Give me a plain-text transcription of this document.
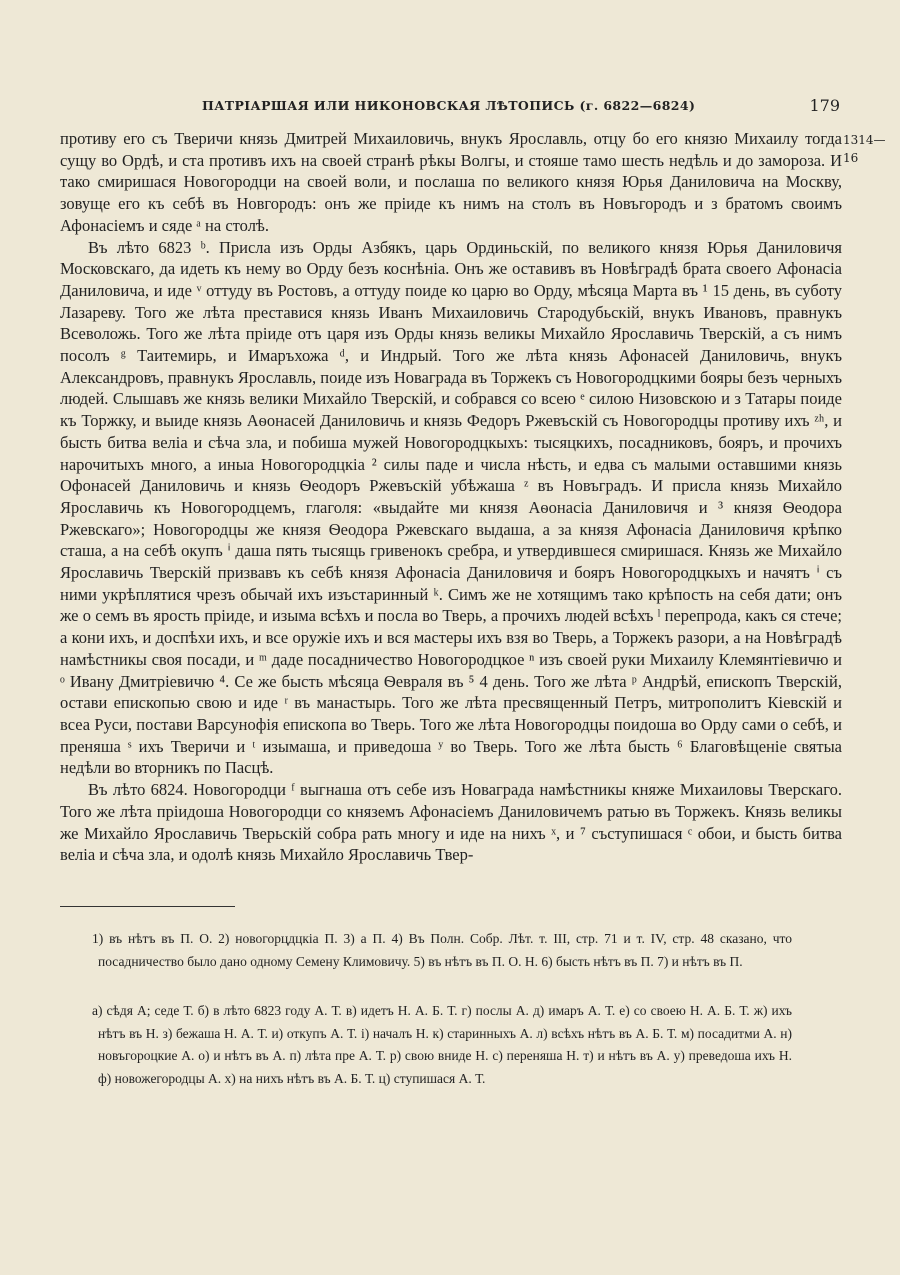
ПАТРІАРШАЯ ИЛИ НИКОНОВСКАЯ ЛѢТОПИСЬ (г. 6822—6824)	179
1314—16

противу его съ Тверичи князь Дмитрей Михаиловичь, внукъ Ярославль, отцу бо его князю Михаилу тогда сущу во Ордѣ, и ста противъ ихъ на своей странѣ рѣкы Волгы, и стояше тамо шесть недѣль и до замороза. И тако смиришася Новогородци на своей воли, и послаша по великого князя Юрья Даниловича на Москву, зовуще его къ себѣ въ Новгородъ: онъ же пріиде къ нимъ на столъ въ Новъгородъ и з братомъ своимъ Афонасіемъ и сяде ᵃ на столѣ.

Въ лѣто 6823 ᵇ. Присла изъ Орды Азбякъ, царь Ординьскій, по великого князя Юрья Даниловичя Московскаго, да идеть къ нему во Орду безъ коснѣніа. Онъ же оставивъ въ Новѣградѣ брата своего Афонасіа Даниловича, и иде ᵛ оттуду въ Ростовъ, а оттуду поиде ко царю во Орду, мѣсяца Марта въ ¹ 15 день, въ суботу Лазареву. Того же лѣта преставися князь Иванъ Михаиловичь Стародубьскій, внукъ Ивановъ, правнукъ Всеволожь. Того же лѣта пріиде отъ царя изъ Орды князь великы Михайло Ярославичь Тверскій, а съ нимъ посолъ ᵍ Таитемирь, и Имаръхожа ᵈ, и Индрый. Того же лѣта князь Афонасей Даниловичь, внукъ Александровъ, правнукъ Ярославль, поиде изъ Новаграда въ Торжекъ съ Новогородцкими бояры безъ черныхъ людей. Слышавъ же князь велики Михайло Тверскій, и собрався со всею ᵉ силою Низовскою и з Татары поиде къ Торжку, и выиде князь Аѳонасей Даниловичь и князь Федоръ Ржевъскій съ Новогородцы противу ихъ ᶻʰ, и бысть битва веліа и сѣча зла, и побиша мужей Новогородцкыхъ: тысяцкихъ, посадниковъ, бояръ, и прочихъ нарочитыхъ много, а иныа Новогородцкіа ² силы паде и числа нѣсть, и едва съ малыми оставшими князь Офонасей Даниловичь и князь Ѳеодоръ Ржевъскій убѣжаша ᶻ въ Новъградъ. И присла князь Михайло Ярославичь къ Новогородцемъ, глаголя: «выдайте ми князя Аѳонасіа Даниловичя и ³ князя Ѳеодора Ржевскаго»; Новогородцы же князя Ѳеодора Ржевскаго выдаша, а за князя Афонасіа Даниловичя крѣпко сташа, а на себѣ окупъ ⁱ даша пять тысящь гривенокъ сребра, и утвердившеся смиришася. Князь же Михайло Ярославичь Тверскій призвавъ къ себѣ князя Афонасіа Даниловичя и бояръ Новогородцкыхъ и начятъ ⁱ съ ними укрѣплятися чрезъ обычай ихъ изъстаринный ᵏ. Симъ же не хотящимъ тако крѣпость на себя дати; онъ же о семъ въ ярость пріиде, и изыма всѣхъ и посла во Тверь, а прочихъ людей всѣхъ ˡ перепрода, какъ ся стече; а кони ихъ, и доспѣхи ихъ, и все оружіе ихъ и вся мастеры ихъ взя во Тверь, а Торжекъ разори, а на Новѣградѣ намѣстникы своя посади, и ᵐ даде посадничество Новогородцкое ⁿ изъ своей руки Михаилу Клемянтіевичю и ᵒ Ивану Дмитріевичю ⁴. Се же бысть мѣсяца Ѳевраля въ ⁵ 4 день. Того же лѣта ᵖ Андрѣй, епископъ Тверскій, остави епископью свою и иде ʳ въ манастырь. Того же лѣта пресвященный Петръ, митрополитъ Кіевскій и всеа Руси, постави Варсунофія епископа во Тверь. Того же лѣта Новогородцы поидоша во Орду сами о себѣ, и преняша ˢ ихъ Тверичи и ᵗ изымаша, и приведоша ʸ во Тверь. Того же лѣта бысть ⁶ Благовѣщеніе святыа недѣли во вторникъ по Пасцѣ.

Въ лѣто 6824. Новогородци ᶠ выгнаша отъ себе изъ Новаграда намѣстникы княже Михаиловы Тверскаго. Того же лѣта пріидоша Новогородци со княземъ Афонасіемъ Даниловичемъ ратью въ Торжекъ. Князь великы же Михайло Ярославичь Тверьскій собра рать многу и иде на нихъ ˣ, и ⁷ съступишася ᶜ обои, и бысть битва веліа и сѣча зла, и одолѣ князь Михайло Ярославичь Твер-

1) въ нѣтъ въ П. О. 2) новогорцдцкіа П. 3) а П. 4) Въ Полн. Собр. Лѣт. т. III, стр. 71 и т. IV, стр. 48 сказано, что посадничество было дано одному Семену Климовичу. 5) въ нѣтъ въ П. О. Н. 6) бысть нѣтъ въ П. 7) и нѣтъ въ П.

а) сѣдя А; седе Т. б) в лѣто 6823 году А. Т. в) идетъ Н. А. Б. Т. г) послы А. д) имаръ А. Т. е) со своею Н. А. Б. Т. ж) ихъ нѣтъ въ Н. з) бежаша Н. А. Т. и) откупъ А. Т. і) началъ Н. к) старинныхъ А. л) всѣхъ нѣтъ въ А. Б. Т. м) посадитми А. н) новъгороцкие А. о) и нѣтъ въ А. п) лѣта пре А. Т. р) свою вниде Н. с) переняша Н. т) и нѣтъ въ А. у) преведоша ихъ Н. ф) новожегородцы А. х) на нихъ нѣтъ въ А. Б. Т. ц) ступишася А. Т.
